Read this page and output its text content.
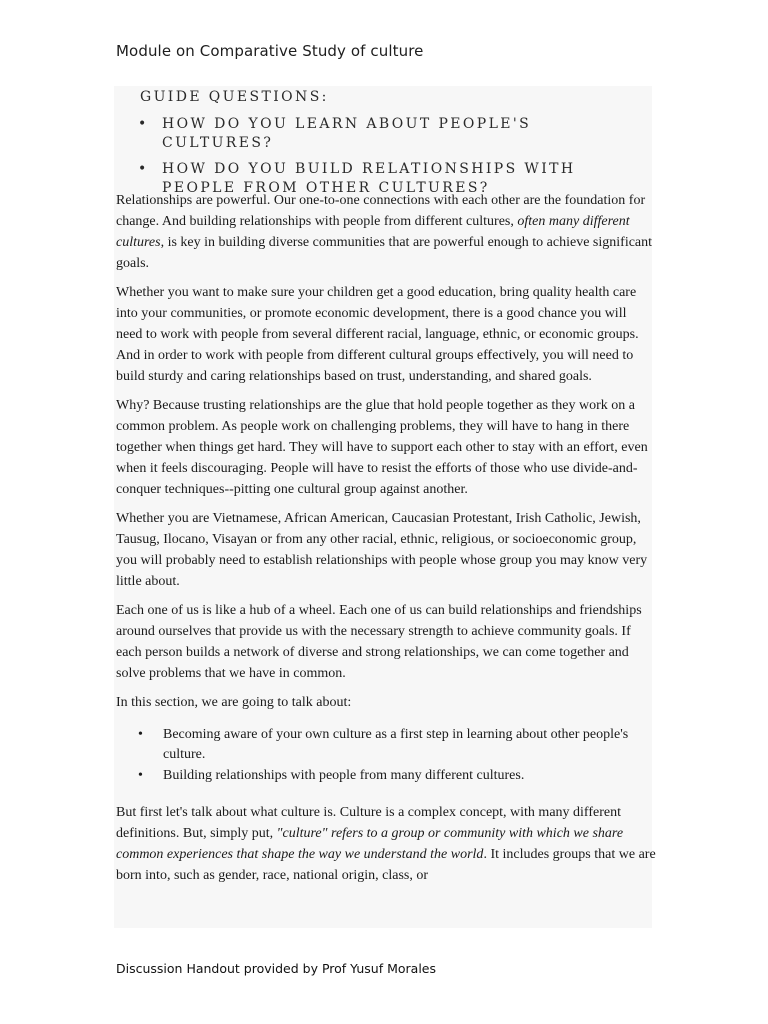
Module on Comparative Study of culture
GUIDE QUESTIONS:
• HOW DO YOU LEARN ABOUT PEOPLE'S CULTURES?
• HOW DO YOU BUILD RELATIONSHIPS WITH PEOPLE FROM OTHER CULTURES?

Relationships are powerful. Our one-to-one connections with each other are the foundation for change. And building relationships with people from different cultures, often many different cultures, is key in building diverse communities that are powerful enough to achieve significant goals.

Whether you want to make sure your children get a good education, bring quality health care into your communities, or promote economic development, there is a good chance you will need to work with people from several different racial, language, ethnic, or economic groups. And in order to work with people from different cultural groups effectively, you will need to build sturdy and caring relationships based on trust, understanding, and shared goals.

Why? Because trusting relationships are the glue that hold people together as they work on a common problem. As people work on challenging problems, they will have to hang in there together when things get hard. They will have to support each other to stay with an effort, even when it feels discouraging. People will have to resist the efforts of those who use divide-and-conquer techniques--pitting one cultural group against another.

Whether you are Vietnamese, African American, Caucasian Protestant, Irish Catholic, Jewish, Tausug, Ilocano, Visayan or from any other racial, ethnic, religious, or socioeconomic group, you will probably need to establish relationships with people whose group you may know very little about.

Each one of us is like a hub of a wheel. Each one of us can build relationships and friendships around ourselves that provide us with the necessary strength to achieve community goals. If each person builds a network of diverse and strong relationships, we can come together and solve problems that we have in common.

In this section, we are going to talk about:

• Becoming aware of your own culture as a first step in learning about other people's culture.
• Building relationships with people from many different cultures.

But first let's talk about what culture is. Culture is a complex concept, with many different definitions. But, simply put, "culture" refers to a group or community with which we share common experiences that shape the way we understand the world. It includes groups that we are born into, such as gender, race, national origin, class, or

Discussion Handout provided by Prof Yusuf Morales
